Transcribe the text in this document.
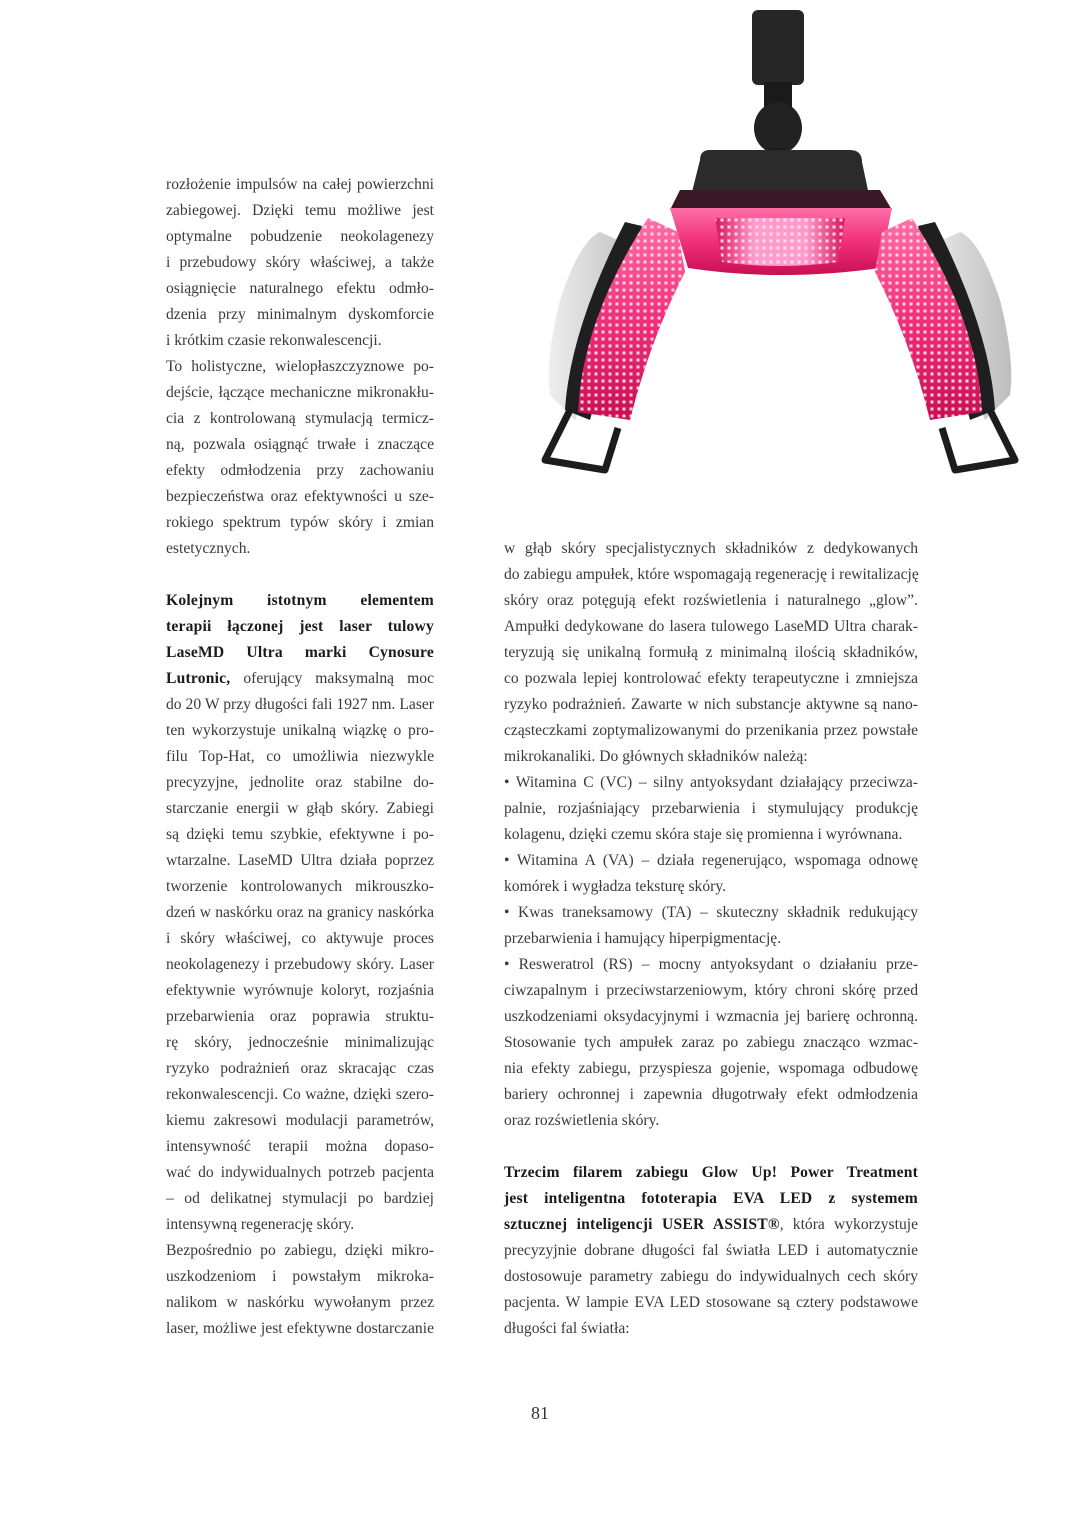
rozłożenie impulsów na całej powierzchni
zabiegowej. Dzięki temu możliwe jest
optymalne pobudzenie neokolagenezy
i przebudowy skóry właściwej, a także
osiągnięcie naturalnego efektu odmło-
dzenia przy minimalnym dyskomforcie
i krótkim czasie rekonwalescencji.
To holistyczne, wielopłaszczyznowe po-
dejście, łączące mechaniczne mikronakłu-
cia z kontrolowaną stymulacją termicz-
ną, pozwala osiągnąć trwałe i znaczące
efekty odmłodzenia przy zachowaniu
bezpieczeństwa oraz efektywności u sze-
rokiego spektrum typów skóry i zmian
estetycznych.
Kolejnym istotnym elementem
terapii łączonej jest laser tulowy
LaseMD Ultra marki Cynosure
Lutronic, oferujący maksymalną moc
do 20 W przy długości fali 1927 nm. Laser
ten wykorzystuje unikalną wiązkę o pro-
filu Top-Hat, co umożliwia niezwykle
precyzyjne, jednolite oraz stabilne do-
starczanie energii w głąb skóry. Zabiegi
są dzięki temu szybkie, efektywne i po-
wtarzalne. LaseMD Ultra działa poprzez
tworzenie kontrolowanych mikrouszko-
dzeń w naskórku oraz na granicy naskórka
i skóry właściwej, co aktywuje proces
neokolagenezy i przebudowy skóry. Laser
efektywnie wyrównuje koloryt, rozjaśnia
przebarwienia oraz poprawia struktu-
rę skóry, jednocześnie minimalizując
ryzyko podrażnień oraz skracając czas
rekonwalescencji. Co ważne, dzięki szero-
kiemu zakresowi modulacji parametrów,
intensywność terapii można dopaso-
wać do indywidualnych potrzeb pacjenta
– od delikatnej stymulacji po bardziej
intensywną regenerację skóry.
Bezpośrednio po zabiegu, dzięki mikro-
uszkodzeniom i powstałym mikroka-
nalikom w naskórku wywołanym przez
laser, możliwe jest efektywne dostarczanie
w głąb skóry specjalistycznych składników z dedykowanych
do zabiegu ampułek, które wspomagają regenerację i rewitalizację
skóry oraz potęgują efekt rozświetlenia i naturalnego „glow”.
Ampułki dedykowane do lasera tulowego LaseMD Ultra charak-
teryzują się unikalną formułą z minimalną ilością składników,
co pozwala lepiej kontrolować efekty terapeutyczne i zmniejsza
ryzyko podrażnień. Zawarte w nich substancje aktywne są nano-
cząsteczkami zoptymalizowanymi do przenikania przez powstałe
mikrokanaliki. Do głównych składników należą:
• Witamina C (VC) – silny antyoksydant działający przeciwza-
palnie, rozjaśniający przebarwienia i stymulujący produkcję
kolagenu, dzięki czemu skóra staje się promienna i wyrównana.
• Witamina A (VA) – działa regenerująco, wspomaga odnowę
komórek i wygładza teksturę skóry.
• Kwas traneksamowy (TA) – skuteczny składnik redukujący
przebarwienia i hamujący hiperpigmentację.
• Resweratrol (RS) – mocny antyoksydant o działaniu prze-
ciwzapalnym i przeciwstarzeniowym, który chroni skórę przed
uszkodzeniami oksydacyjnymi i wzmacnia jej barierę ochronną.
Stosowanie tych ampułek zaraz po zabiegu znacząco wzmac-
nia efekty zabiegu, przyspiesza gojenie, wspomaga odbudowę
bariery ochronnej i zapewnia długotrwały efekt odmłodzenia
oraz rozświetlenia skóry.
Trzecim filarem zabiegu Glow Up! Power Treatment
jest inteligentna fototerapia EVA LED z systemem
sztucznej inteligencji USER ASSIST®, która wykorzystuje
precyzyjnie dobrane długości fal światła LED i automatycznie
dostosowuje parametry zabiegu do indywidualnych cech skóry
pacjenta. W lampie EVA LED stosowane są cztery podstawowe
długości fal światła:
81
